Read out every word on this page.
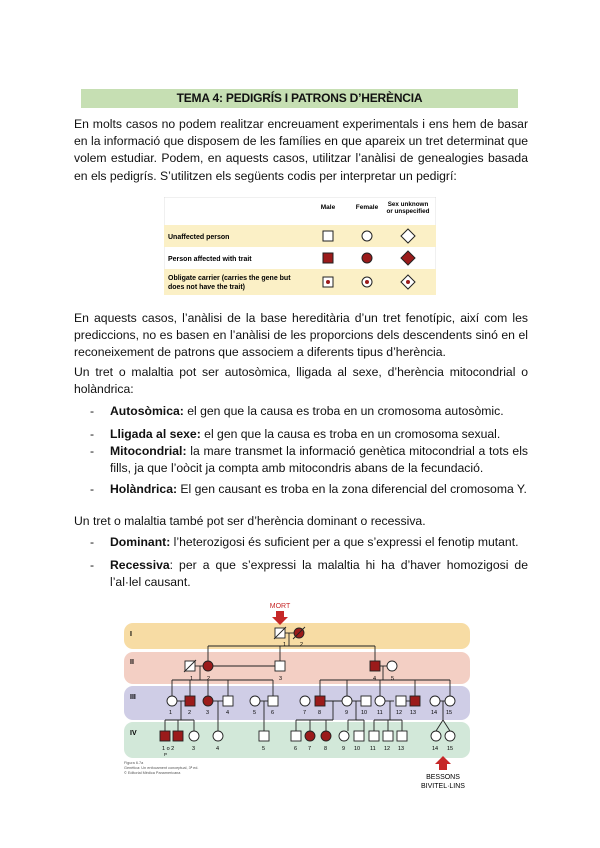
TEMA 4: PEDIGRÍS I PATRONS D’HERÈNCIA

En molts casos no podem realitzar encreuament experimentals i ens hem de basar en la informació que disposem de les famílies en que apareix un tret determinat que volem estudiar. Podem, en aquests casos, utilitzar l’anàlisi de genealogies basada en els pedigrís. S’utilitzen els següents codis per interpretar un pedigrí:

Male	Female Sex unknown
or unspecified
Unaffected person
Person affected with trait
Obligate carrier (carries the gene but
does not have the trait)

En aquests casos, l’anàlisi de la base hereditària d’un tret fenotípic, així com les prediccions, no es basen en l’anàlisi de les proporcions dels descendents sinó en el reconeixement de patrons que associem a diferents tipus d’herència.

Un tret o malaltia pot ser autosòmica, lligada al sexe, d’herència mitocondrial o holàndrica:

- Autosòmica: el gen que la causa es troba en un cromosoma autosòmic.

- Lligada al sexe: el gen que la causa es troba en un cromosoma sexual.

- Mitocondrial: la mare transmet la informació genètica mitocondrial a tots els fills, ja que l’oòcit ja compta amb mitocondris abans de la fecundació.

- Holàndrica: El gen causant es troba en la zona diferencial del cromosoma Y.

Un tret o malaltia també pot ser d’herència dominant o recessiva.

- Dominant: l’heterozigosi és suficient per a que s’expressi el fenotip mutant.

- Recessiva: per a que s’expressi la malaltia hi ha d’haver homozigosi de l’al·lel causant.

I
II
III
IV
MORT
1	2
1	2	3	4	5
1	2	3	4	5	6	7 8	9 10 11 12 13	14 15
1 o 2
P
3	4	5	6 7 8	9 10 11 12 13	14 15
Figura 6.7a
Genètica: Un enfocament conceptual, 3ª ed.
© Editorial Médica Panamericana
BESSONS
BIVITEL·LINS
